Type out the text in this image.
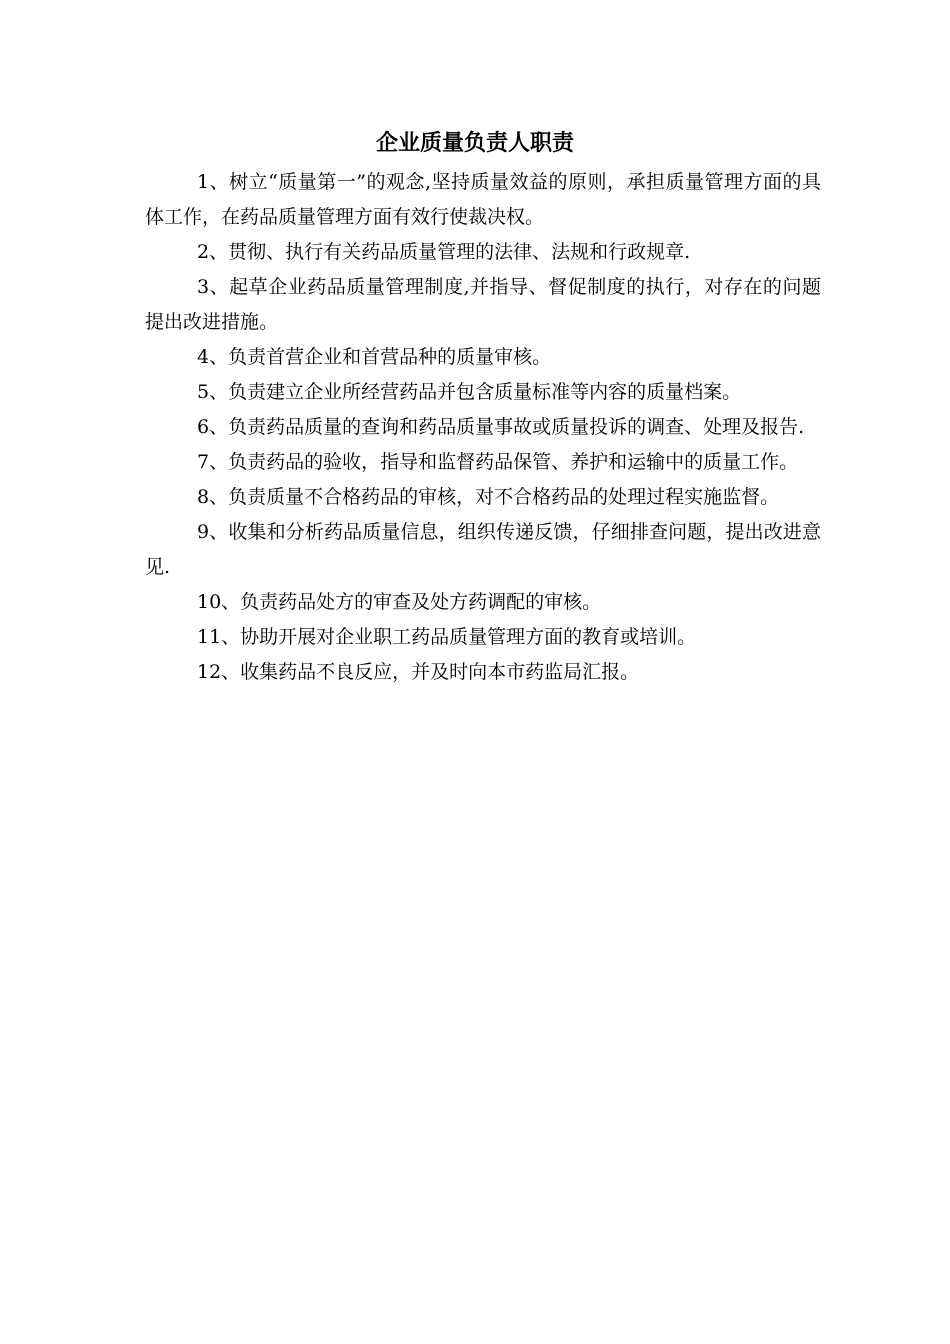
企业质量负责人职责

1、树立“质量第一”的观念,坚持质量效益的原则，承担质量管理方面的具体工作，在药品质量管理方面有效行使裁决权。

2、贯彻、执行有关药品质量管理的法律、法规和行政规章.

3、起草企业药品质量管理制度,并指导、督促制度的执行，对存在的问题提出改进措施。

4、负责首营企业和首营品种的质量审核。

5、负责建立企业所经营药品并包含质量标准等内容的质量档案。

6、负责药品质量的查询和药品质量事故或质量投诉的调查、处理及报告.

7、负责药品的验收，指导和监督药品保管、养护和运输中的质量工作。

8、负责质量不合格药品的审核，对不合格药品的处理过程实施监督。

9、收集和分析药品质量信息，组织传递反馈，仔细排查问题，提出改进意见.

10、负责药品处方的审查及处方药调配的审核。

11、协助开展对企业职工药品质量管理方面的教育或培训。

12、收集药品不良反应，并及时向本市药监局汇报。
